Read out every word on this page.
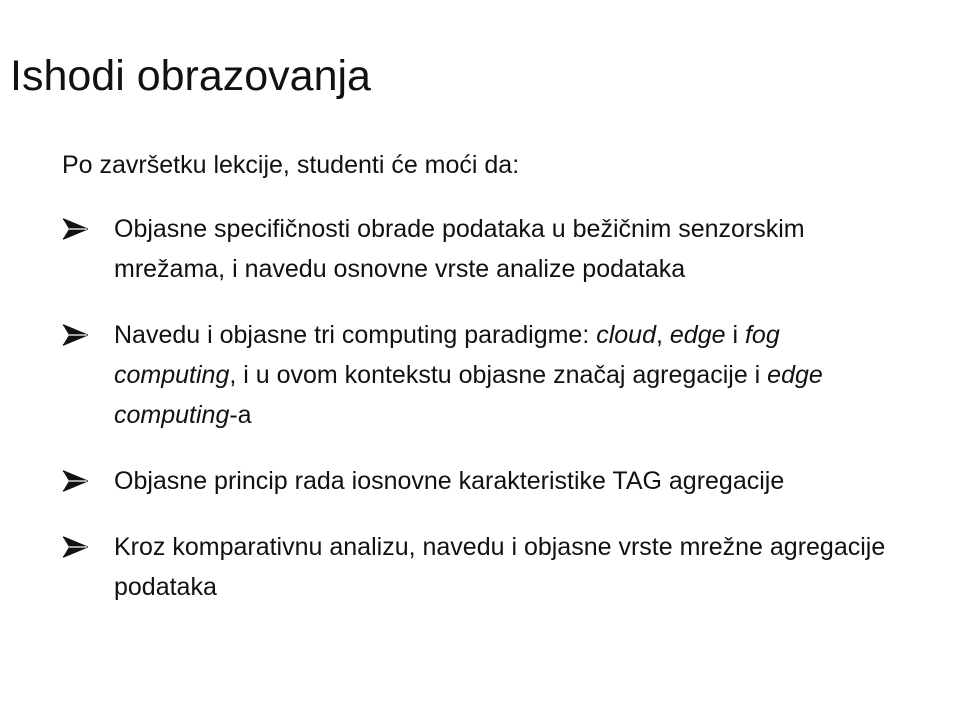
Ishodi obrazovanja

Po završetku lekcije, studenti će moći da:

Objasne specifičnosti obrade podataka u bežičnim senzorskim mrežama, i navedu osnovne vrste analize podataka
Navedu i objasne tri computing paradigme: cloud, edge i fog computing, i u ovom kontekstu objasne značaj agregacije i edge computing-a
Objasne princip rada iosnovne karakteristike TAG agregacije
Kroz komparativnu analizu, navedu i objasne vrste mrežne agregacije podataka
